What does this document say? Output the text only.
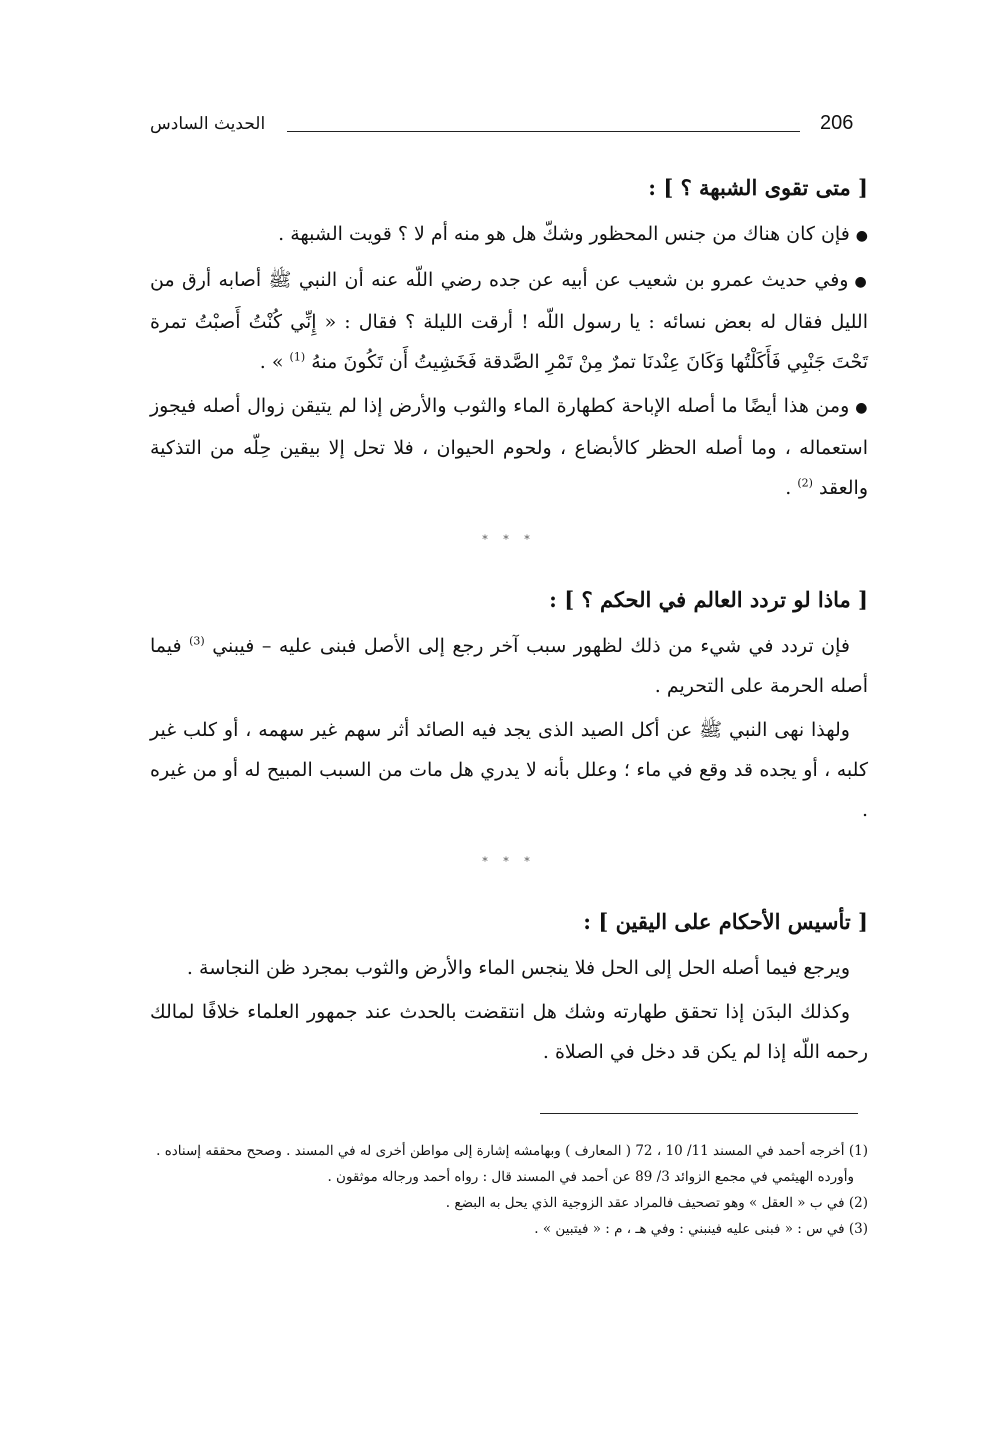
206
الحديث السادس

[ متى تقوى الشبهة ؟ ] :

●فإن كان هناك من جنس المحظور وشكّ هل هو منه أم لا ؟ قويت الشبهة .

●وفي حديث عمرو بن شعيب عن أبيه عن جده رضي اللّه عنه أن النبي ﷺ أصابه أرق من الليل فقال له بعض نسائه : يا رسول اللّه ! أرقت الليلة ؟ فقال : « إِنِّي كُنْتُ أَصبْتُ تمرة تَحْتَ جَنْبِي فَأَكَلْتُها وَكَانَ عِنْدنَا تمرٌ مِنْ تَمْرِ الصَّدقة فَخَشِيتُ أَن تَكُونَ منهُ $^{(1)}$ » .

●ومن هذا أيضًا ما أصله الإباحة كطهارة الماء والثوب والأرض إذا لم يتيقن زوال أصله فيجوز استعماله ، وما أصله الحظر كالأبضاع ، ولحوم الحيوان ، فلا تحل إلا بيقين حِلّه من التذكية والعقد $^{(2)}$ .

* * *

[ ماذا لو تردد العالم في الحكم ؟ ] :

فإن تردد في شيء من ذلك لظهور سبب آخر رجع إلى الأصل فبنى عليه – فيبني $^{(3)}$ فيما أصله الحرمة على التحريم .

ولهذا نهى النبي ﷺ عن أكل الصيد الذى يجد فيه الصائد أثر سهم غير سهمه ، أو كلب غير كلبه ، أو يجده قد وقع في ماء ؛ وعلل بأنه لا يدري هل مات من السبب المبيح له أو من غيره .

* * *

[ تأسيس الأحكام على اليقين ] :

ويرجع فيما أصله الحل إلى الحل فلا ينجس الماء والأرض والثوب بمجرد ظن النجاسة .

وكذلك البدَن إذا تحقق طهارته وشك هل انتقضت بالحدث عند جمهور العلماء خلافًا لمالك رحمه اللّه إذا لم يكن قد دخل في الصلاة .

(1) أخرجه أحمد في المسند 11/ 10 ، 72 ( المعارف ) وبهامشه إشارة إلى مواطن أخرى له في المسند . وصحح محققه إسناده .

وأورده الهيثمي في مجمع الزوائد 3/ 89 عن أحمد في المسند قال : رواه أحمد ورجاله موثقون .

(2) في ب « العقل » وهو تصحيف فالمراد عقد الزوجية الذي يحل به البضع .

(3) في س : « فبنى عليه فينبني : وفي هـ ، م : « فيتبين » .
